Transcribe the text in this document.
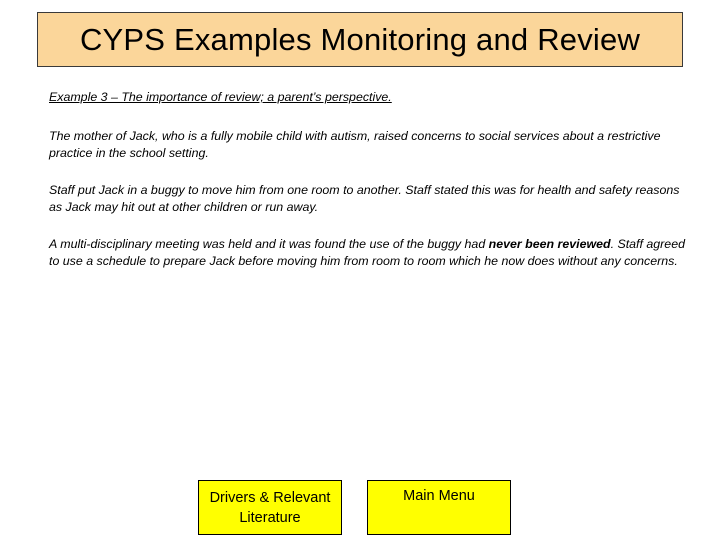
CYPS Examples Monitoring and Review

Example 3 – The importance of review; a parent’s perspective.

The mother of Jack, who is a fully mobile child with autism, raised concerns to social services about a restrictive practice in the school setting.

Staff put Jack in a buggy to move him from one room to another. Staff stated this was for health and safety reasons as Jack may hit out at other children or run away.

A multi-disciplinary meeting was held and it was found the use of the buggy had never been reviewed. Staff agreed to use a schedule to prepare Jack before moving him from room to room which he now does without any concerns.

Drivers & Relevant Literature
Main Menu
